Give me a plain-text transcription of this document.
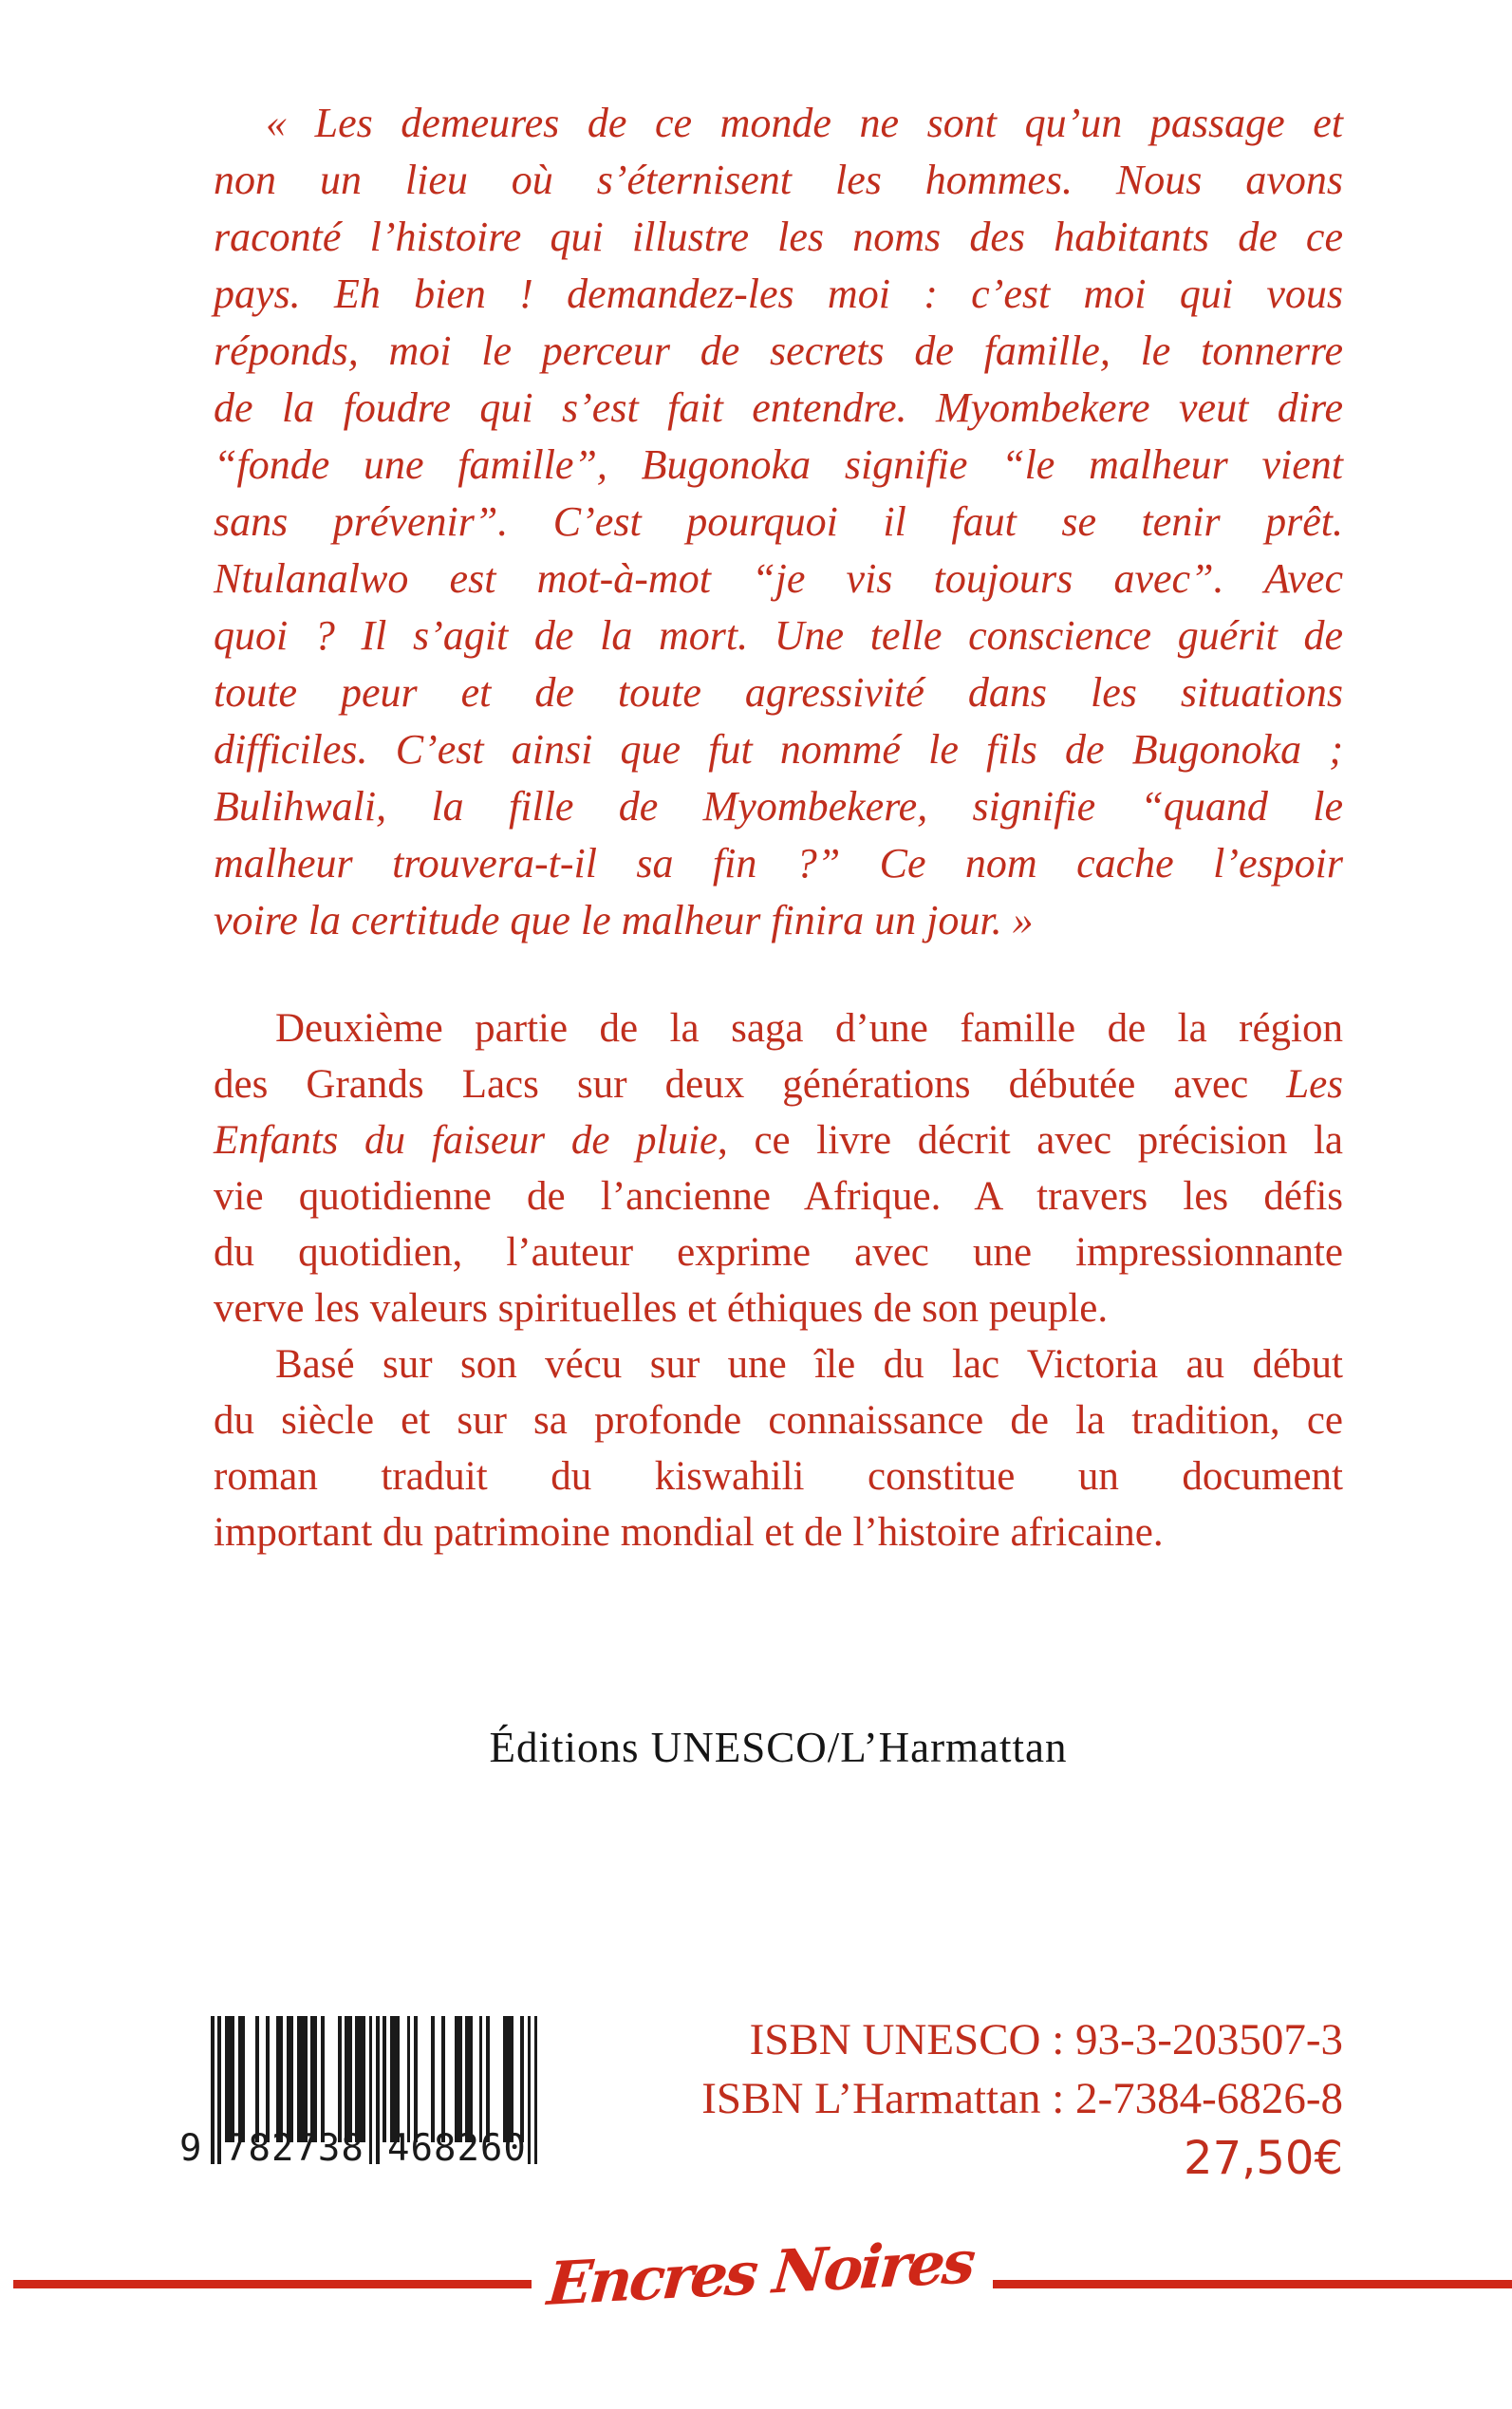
« Les demeures de ce monde ne sont qu’un passage et
non un lieu où s’éternisent les hommes. Nous avons
raconté l’histoire qui illustre les noms des habitants de ce
pays. Eh bien ! demandez-les moi : c’est moi qui vous
réponds, moi le perceur de secrets de famille, le tonnerre
de la foudre qui s’est fait entendre. Myombekere veut dire
“fonde une famille”, Bugonoka signifie “le malheur vient
sans prévenir”. C’est pourquoi il faut se tenir prêt.
Ntulanalwo est mot-à-mot “je vis toujours avec”. Avec
quoi ? Il s’agit de la mort. Une telle conscience guérit de
toute peur et de toute agressivité dans les situations
difficiles. C’est ainsi que fut nommé le fils de Bugonoka ;
Bulihwali, la fille de Myombekere, signifie “quand le
malheur trouvera-t-il sa fin ?” Ce nom cache l’espoir
voire la certitude que le malheur finira un jour. »
Deuxième partie de la saga d’une famille de la région
des Grands Lacs sur deux générations débutée avec Les
Enfants du faiseur de pluie, ce livre décrit avec précision la
vie quotidienne de l’ancienne Afrique. A travers les défis
du quotidien, l’auteur exprime avec une impressionnante
verve les valeurs spirituelles et éthiques de son peuple.
Basé sur son vécu sur une île du lac Victoria au début
du siècle et sur sa profonde connaissance de la tradition, ce
roman traduit du kiswahili constitue un document
important du patrimoine mondial et de l’histoire africaine.
Éditions UNESCO/L’Harmattan
9 782738 468260
ISBN UNESCO : 93-3-203507-3
ISBN L’Harmattan : 2-7384-6826-8
27,50€
Encres Noires
